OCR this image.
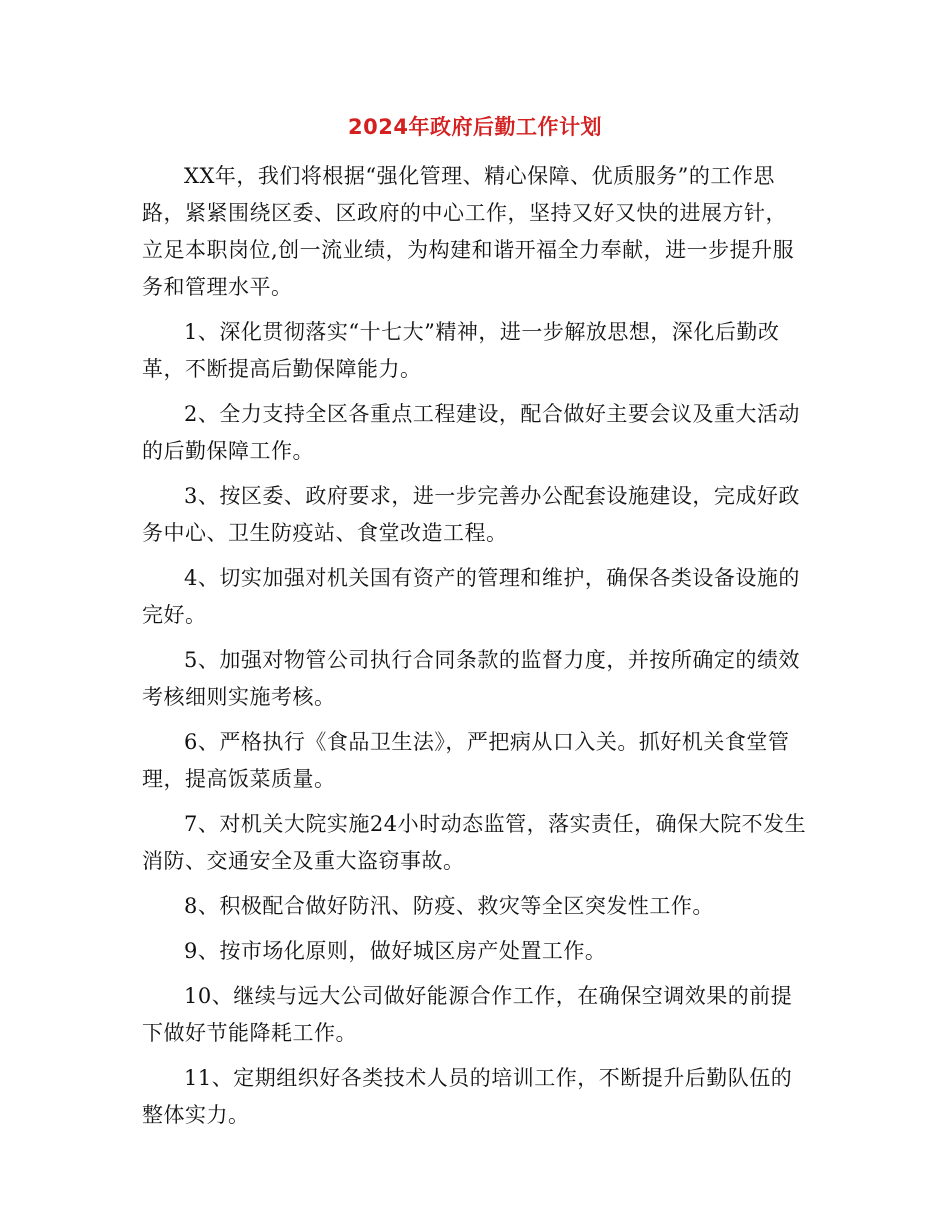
2024年政府后勤工作计划

XX年，我们将根据“强化管理、精心保障、优质服务”的工作思路，紧紧围绕区委、区政府的中心工作，坚持又好又快的进展方针，立足本职岗位,创一流业绩，为构建和谐开福全力奉献，进一步提升服务和管理水平。

1、深化贯彻落实“十七大”精神，进一步解放思想，深化后勤改革，不断提高后勤保障能力。

2、全力支持全区各重点工程建设，配合做好主要会议及重大活动的后勤保障工作。

3、按区委、政府要求，进一步完善办公配套设施建设，完成好政务中心、卫生防疫站、食堂改造工程。

4、切实加强对机关国有资产的管理和维护，确保各类设备设施的完好。

5、加强对物管公司执行合同条款的监督力度，并按所确定的绩效考核细则实施考核。

6、严格执行《食品卫生法》，严把病从口入关。抓好机关食堂管理，提高饭菜质量。

7、对机关大院实施24小时动态监管，落实责任，确保大院不发生消防、交通安全及重大盗窃事故。

8、积极配合做好防汛、防疫、救灾等全区突发性工作。

9、按市场化原则，做好城区房产处置工作。

10、继续与远大公司做好能源合作工作，在确保空调效果的前提下做好节能降耗工作。

11、定期组织好各类技术人员的培训工作，不断提升后勤队伍的整体实力。
